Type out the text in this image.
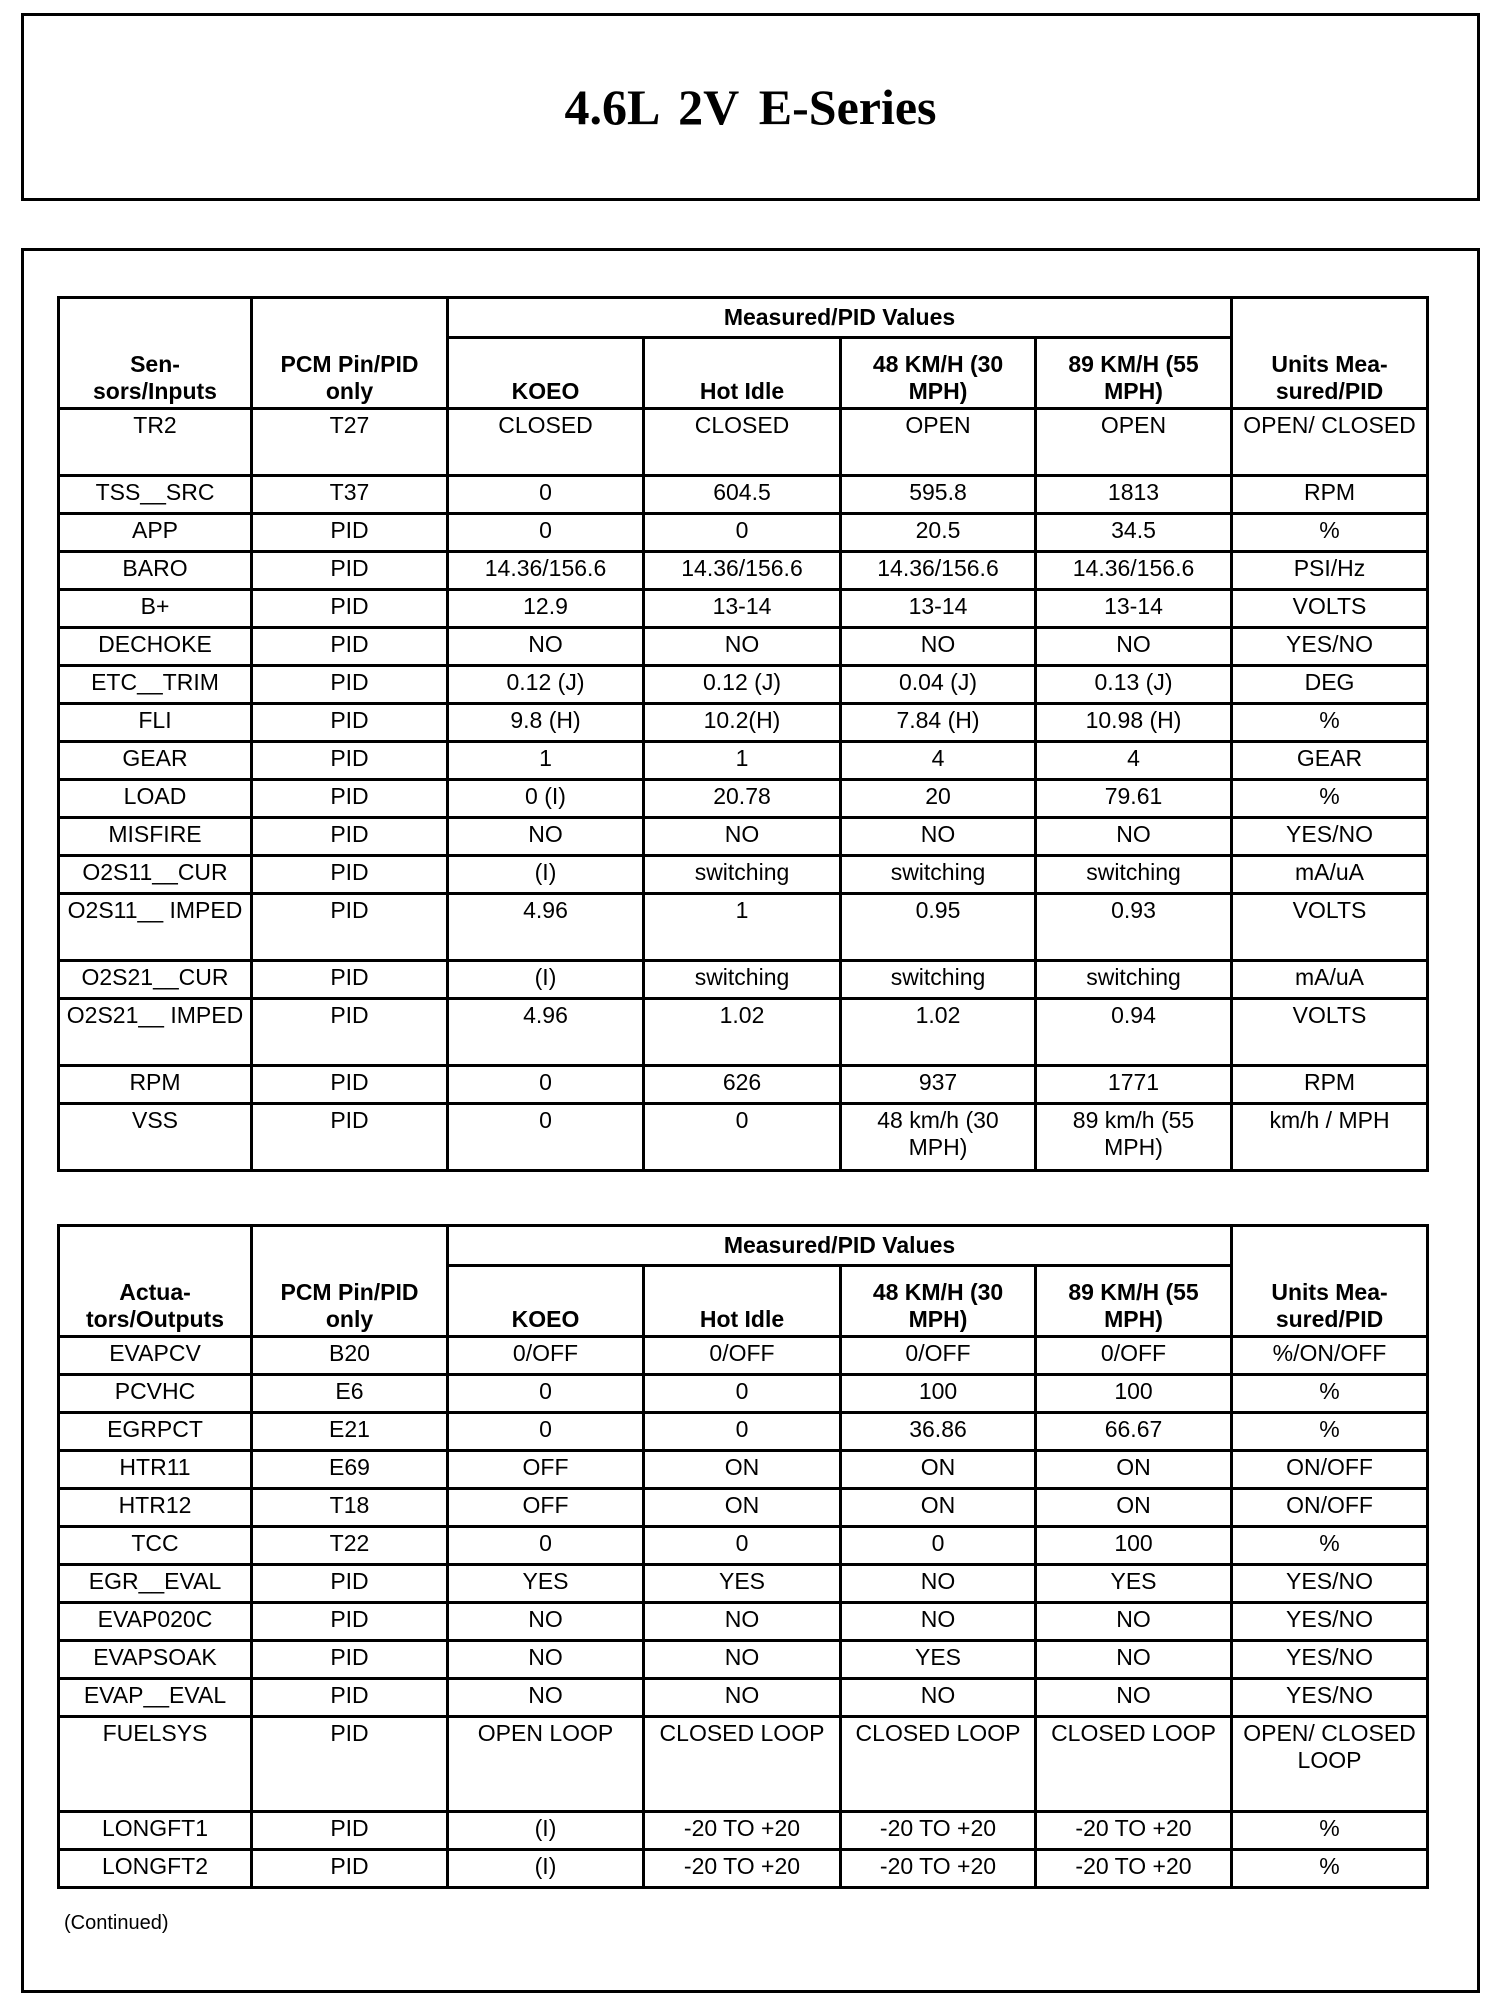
4.6L 2V E-Series
Sen-
sors/Inputs	PCM Pin/PID only	Measured/PID Values				Units Mea-
sured/PID
		KOEO	Hot Idle	48 KM/H (30 MPH)	89 KM/H (55 MPH)	
TR2	T27	CLOSED	CLOSED	OPEN	OPEN	OPEN/ CLOSED
TSS__SRC	T37	0	604.5	595.8	1813	RPM
APP	PID	0	0	20.5	34.5	%
BARO	PID	14.36/156.6	14.36/156.6	14.36/156.6	14.36/156.6	PSI/Hz
B+	PID	12.9	13-14	13-14	13-14	VOLTS
DECHOKE	PID	NO	NO	NO	NO	YES/NO
ETC__TRIM	PID	0.12 (J)	0.12 (J)	0.04 (J)	0.13 (J)	DEG
FLI	PID	9.8 (H)	10.2(H)	7.84 (H)	10.98 (H)	%
GEAR	PID	1	1	4	4	GEAR
LOAD	PID	0 (I)	20.78	20	79.61	%
MISFIRE	PID	NO	NO	NO	NO	YES/NO
O2S11__CUR	PID	(I)	switching	switching	switching	mA/uA
O2S11__ IMPED	PID	4.96	1	0.95	0.93	VOLTS
O2S21__CUR	PID	(I)	switching	switching	switching	mA/uA
O2S21__ IMPED	PID	4.96	1.02	1.02	0.94	VOLTS
RPM	PID	0	626	937	1771	RPM
VSS	PID	0	0	48 km/h (30 MPH)	89 km/h (55 MPH)	km/h / MPH
Actua-
tors/Outputs	PCM Pin/PID only	Measured/PID Values				Units Mea-
sured/PID
		KOEO	Hot Idle	48 KM/H (30 MPH)	89 KM/H (55 MPH)	
EVAPCV	B20	0/OFF	0/OFF	0/OFF	0/OFF	%/ON/OFF
PCVHC	E6	0	0	100	100	%
EGRPCT	E21	0	0	36.86	66.67	%
HTR11	E69	OFF	ON	ON	ON	ON/OFF
HTR12	T18	OFF	ON	ON	ON	ON/OFF
TCC	T22	0	0	0	100	%
EGR__EVAL	PID	YES	YES	NO	YES	YES/NO
EVAP020C	PID	NO	NO	NO	NO	YES/NO
EVAPSOAK	PID	NO	NO	YES	NO	YES/NO
EVAP__EVAL	PID	NO	NO	NO	NO	YES/NO
FUELSYS	PID	OPEN LOOP	CLOSED LOOP	CLOSED LOOP	CLOSED LOOP	OPEN/ CLOSED LOOP
LONGFT1	PID	(I)	-20 TO +20	-20 TO +20	-20 TO +20	%
LONGFT2	PID	(I)	-20 TO +20	-20 TO +20	-20 TO +20	%
(Continued)
